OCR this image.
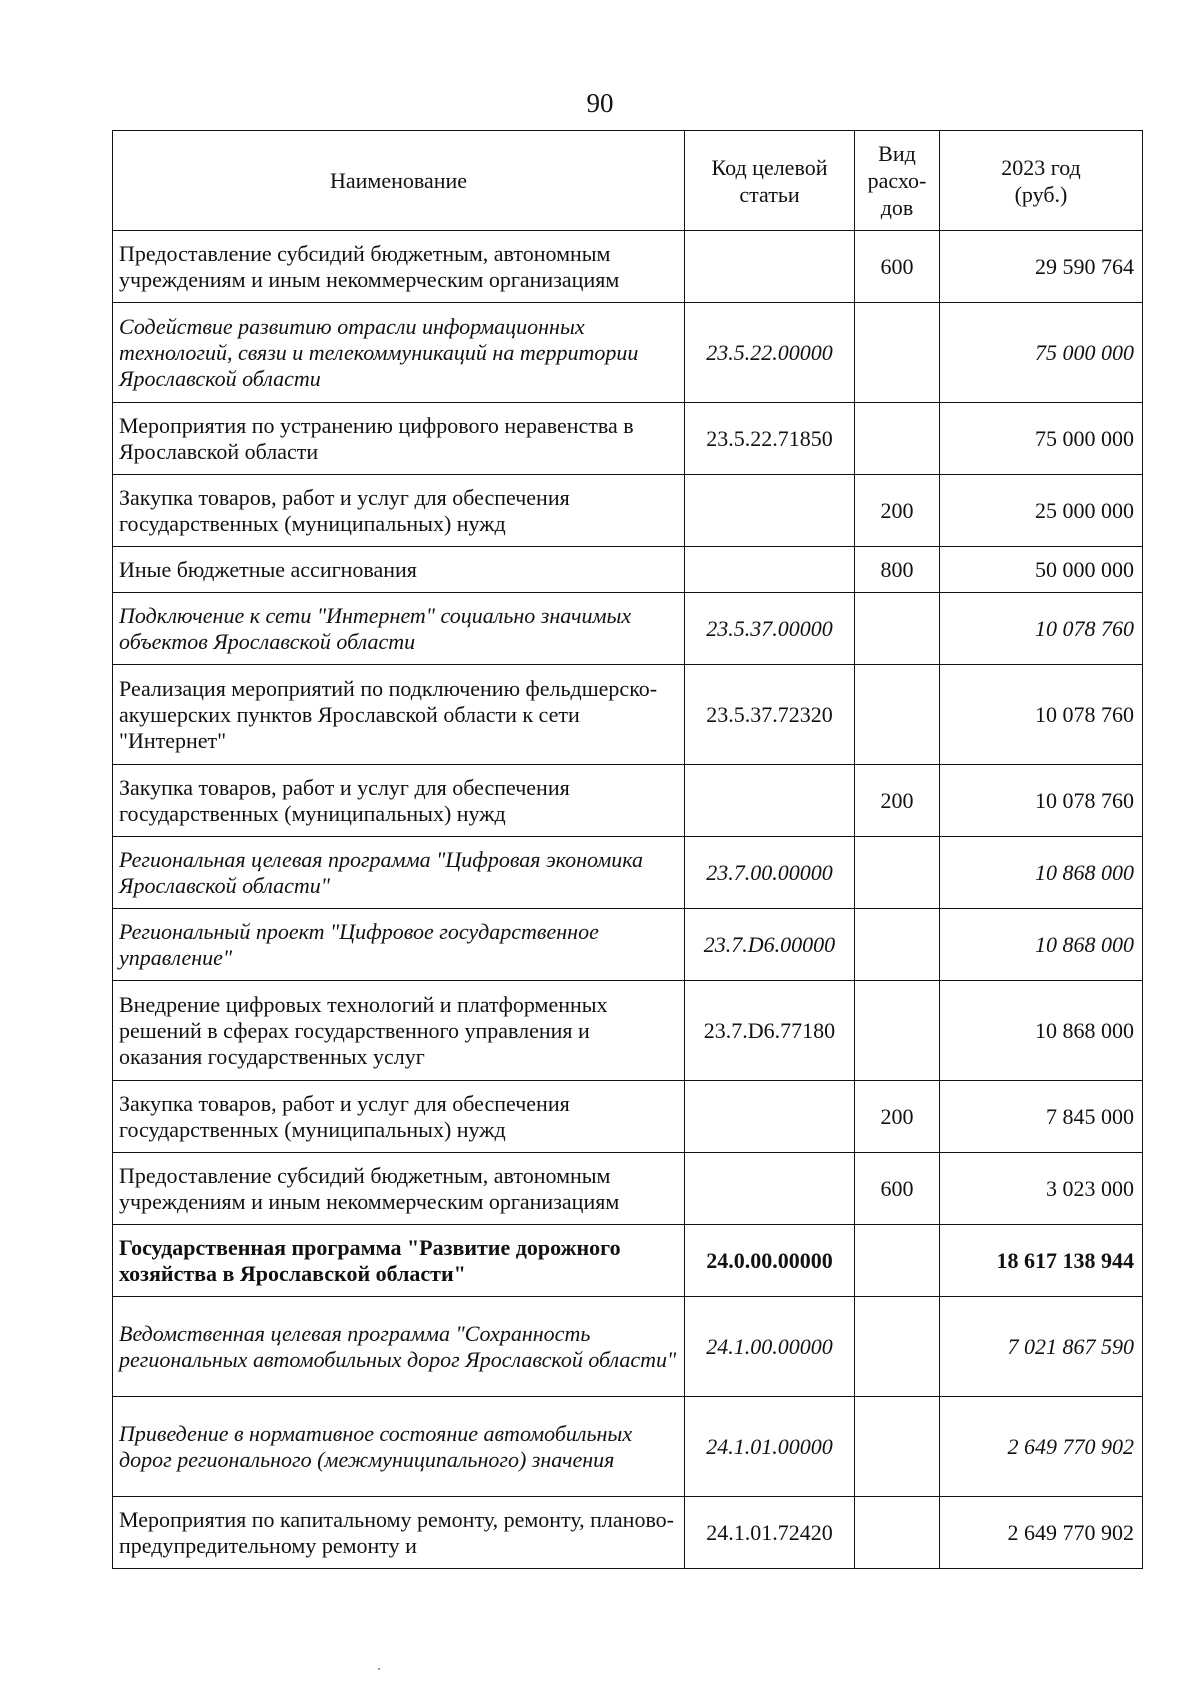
90
Наименование	Код целевой статьи	Вид расхо-дов	2023 год (руб.)
Предоставление субсидий бюджетным, автономным учреждениям и иным некоммерческим организациям		600	29 590 764
Содействие развитию отрасли информационных технологий, связи и телекоммуникаций на территории Ярославской области	23.5.22.00000		75 000 000
Мероприятия по устранению цифрового неравенства в Ярославской области	23.5.22.71850		75 000 000
Закупка товаров, работ и услуг для обеспечения государственных (муниципальных) нужд		200	25 000 000
Иные бюджетные ассигнования		800	50 000 000
Подключение к сети "Интернет" социально значимых объектов Ярославской области	23.5.37.00000		10 078 760
Реализация мероприятий по подключению фельдшерско-акушерских пунктов Ярославской области к сети "Интернет"	23.5.37.72320		10 078 760
Закупка товаров, работ и услуг для обеспечения государственных (муниципальных) нужд		200	10 078 760
Региональная целевая программа "Цифровая экономика Ярославской области"	23.7.00.00000		10 868 000
Региональный проект "Цифровое государственное управление"	23.7.D6.00000		10 868 000
Внедрение цифровых технологий и платформенных решений в сферах государственного управления и оказания государственных услуг	23.7.D6.77180		10 868 000
Закупка товаров, работ и услуг для обеспечения государственных (муниципальных) нужд		200	7 845 000
Предоставление субсидий бюджетным, автономным учреждениям и иным некоммерческим организациям		600	3 023 000
Государственная программа "Развитие дорожного хозяйства в Ярославской области"	24.0.00.00000		18 617 138 944
Ведомственная целевая программа "Сохранность региональных автомобильных дорог Ярославской области"	24.1.00.00000		7 021 867 590
Приведение в нормативное состояние автомобильных дорог регионального (межмуниципального) значения	24.1.01.00000		2 649 770 902
Мероприятия по капитальному ремонту, ремонту, планово-предупредительному ремонту и	24.1.01.72420		2 649 770 902
